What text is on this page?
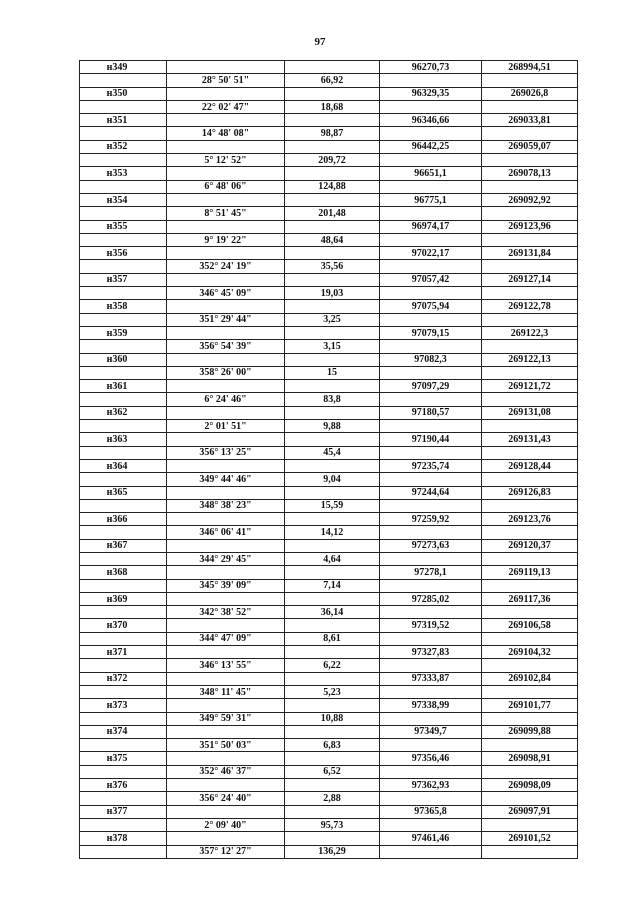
97
н349			96270,73	268994,51
	28° 50' 51"	66,92		
н350			96329,35	269026,8
	22° 02' 47"	18,68		
н351			96346,66	269033,81
	14° 48' 08"	98,87		
н352			96442,25	269059,07
	5° 12' 52"	209,72		
н353			96651,1	269078,13
	6° 48' 06"	124,88		
н354			96775,1	269092,92
	8° 51' 45"	201,48		
н355			96974,17	269123,96
	9° 19' 22"	48,64		
н356			97022,17	269131,84
	352° 24' 19"	35,56		
н357			97057,42	269127,14
	346° 45' 09"	19,03		
н358			97075,94	269122,78
	351° 29' 44"	3,25		
н359			97079,15	269122,3
	356° 54' 39"	3,15		
н360			97082,3	269122,13
	358° 26' 00"	15		
н361			97097,29	269121,72
	6° 24' 46"	83,8		
н362			97180,57	269131,08
	2° 01' 51"	9,88		
н363			97190,44	269131,43
	356° 13' 25"	45,4		
н364			97235,74	269128,44
	349° 44' 46"	9,04		
н365			97244,64	269126,83
	348° 38' 23"	15,59		
н366			97259,92	269123,76
	346° 06' 41"	14,12		
н367			97273,63	269120,37
	344° 29' 45"	4,64		
н368			97278,1	269119,13
	345° 39' 09"	7,14		
н369			97285,02	269117,36
	342° 38' 52"	36,14		
н370			97319,52	269106,58
	344° 47' 09"	8,61		
н371			97327,83	269104,32
	346° 13' 55"	6,22		
н372			97333,87	269102,84
	348° 11' 45"	5,23		
н373			97338,99	269101,77
	349° 59' 31"	10,88		
н374			97349,7	269099,88
	351° 50' 03"	6,83		
н375			97356,46	269098,91
	352° 46' 37"	6,52		
н376			97362,93	269098,09
	356° 24' 40"	2,88		
н377			97365,8	269097,91
	2° 09' 40"	95,73		
н378			97461,46	269101,52
	357° 12' 27"	136,29		
